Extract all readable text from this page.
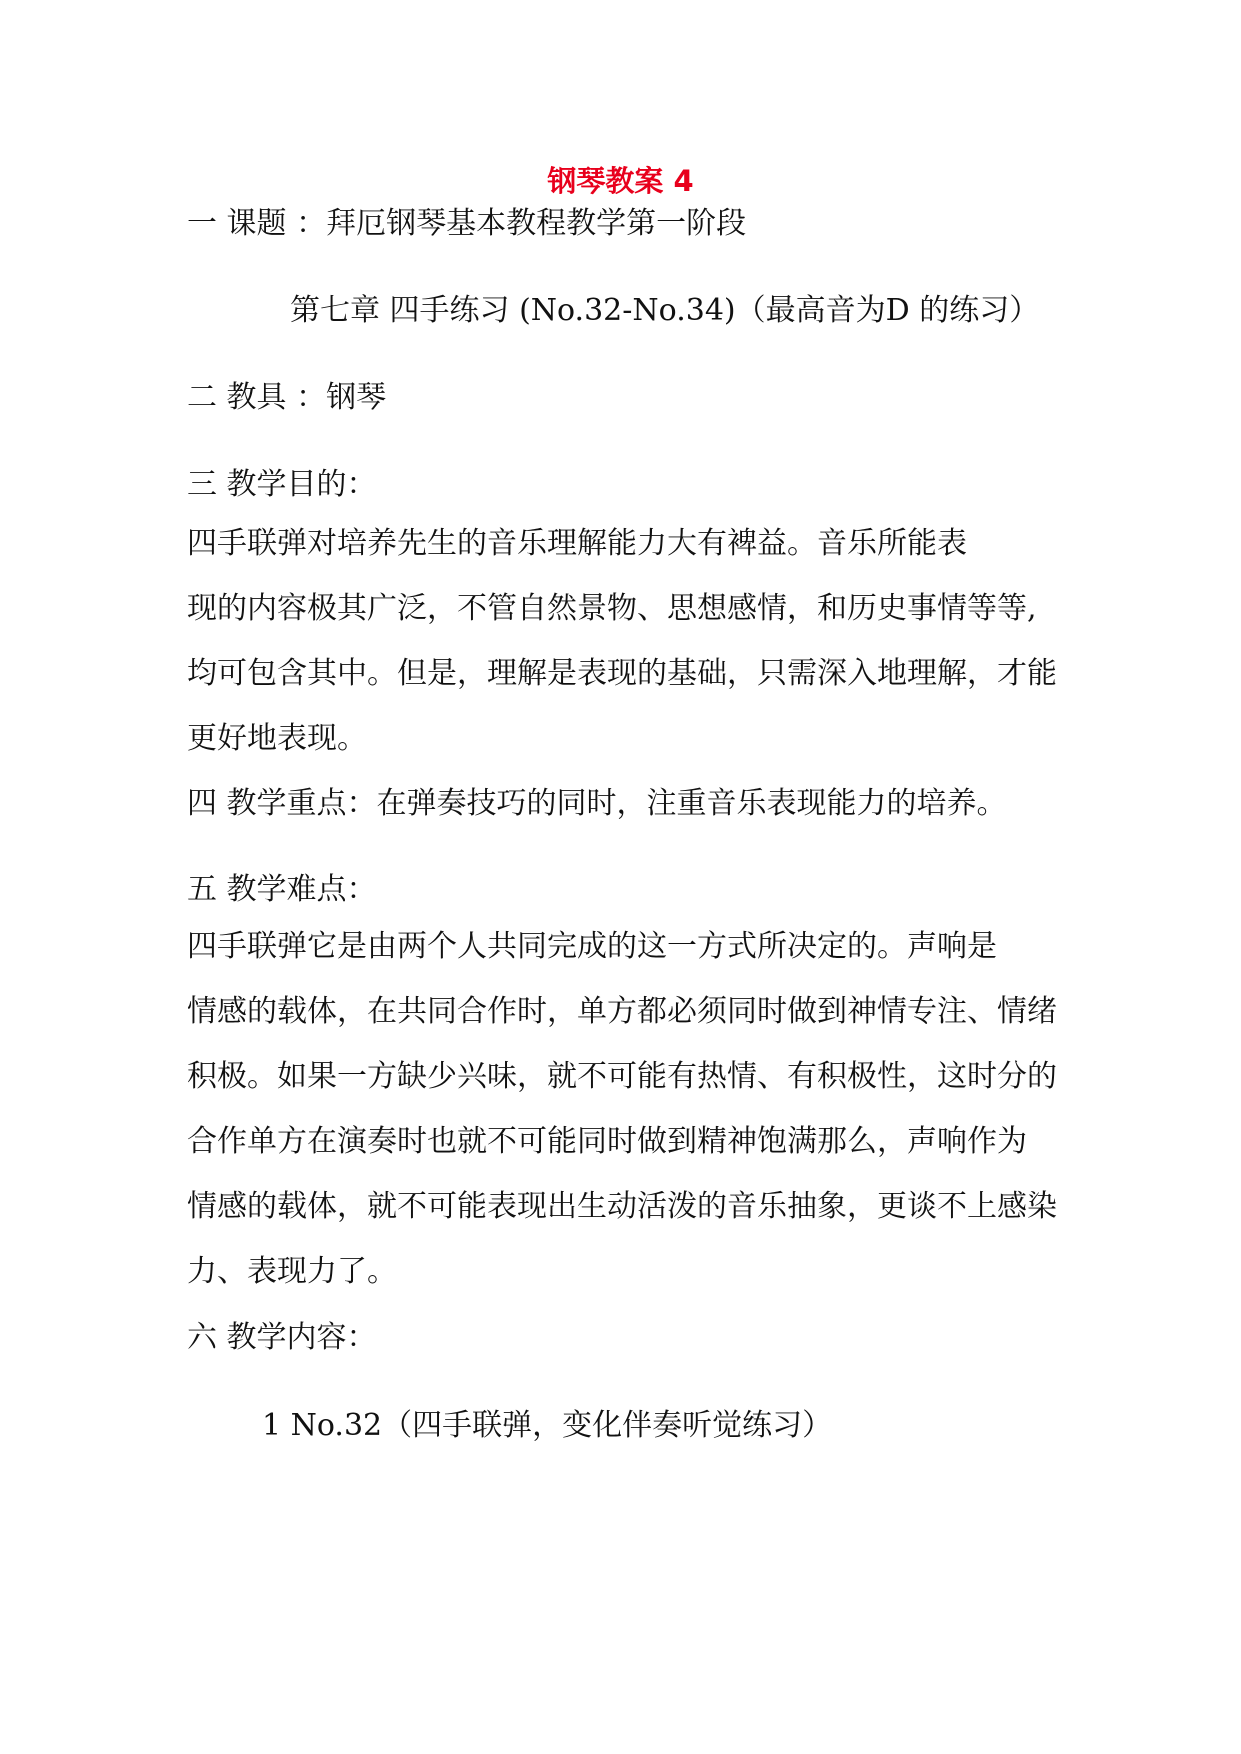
钢琴教案 4
一 课题 ：拜厄钢琴基本教程教学第一阶段
第七章 四手练习 (No.32-No.34)（最高音为D 的练习）
二 教具 ：钢琴
三 教学目的：

四手联弹对培养先生的音乐理解能力大有裨益。音乐所能表

现的内容极其广泛，不管自然景物、思想感情，和历史事情等等,

均可包含其中。但是，理解是表现的基础，只需深入地理解，才能

更好地表现。

四 教学重点：在弹奏技巧的同时，注重音乐表现能力的培养。
五 教学难点：

四手联弹它是由两个人共同完成的这一方式所决定的。声响是

情感的载体，在共同合作时，单方都必须同时做到神情专注、情绪

积极。如果一方缺少兴味，就不可能有热情、有积极性，这时分的

合作单方在演奏时也就不可能同时做到精神饱满那么，声响作为

情感的载体，就不可能表现出生动活泼的音乐抽象，更谈不上感染

力、表现力了。

六 教学内容：
1 No.32（四手联弹，变化伴奏听觉练习）
